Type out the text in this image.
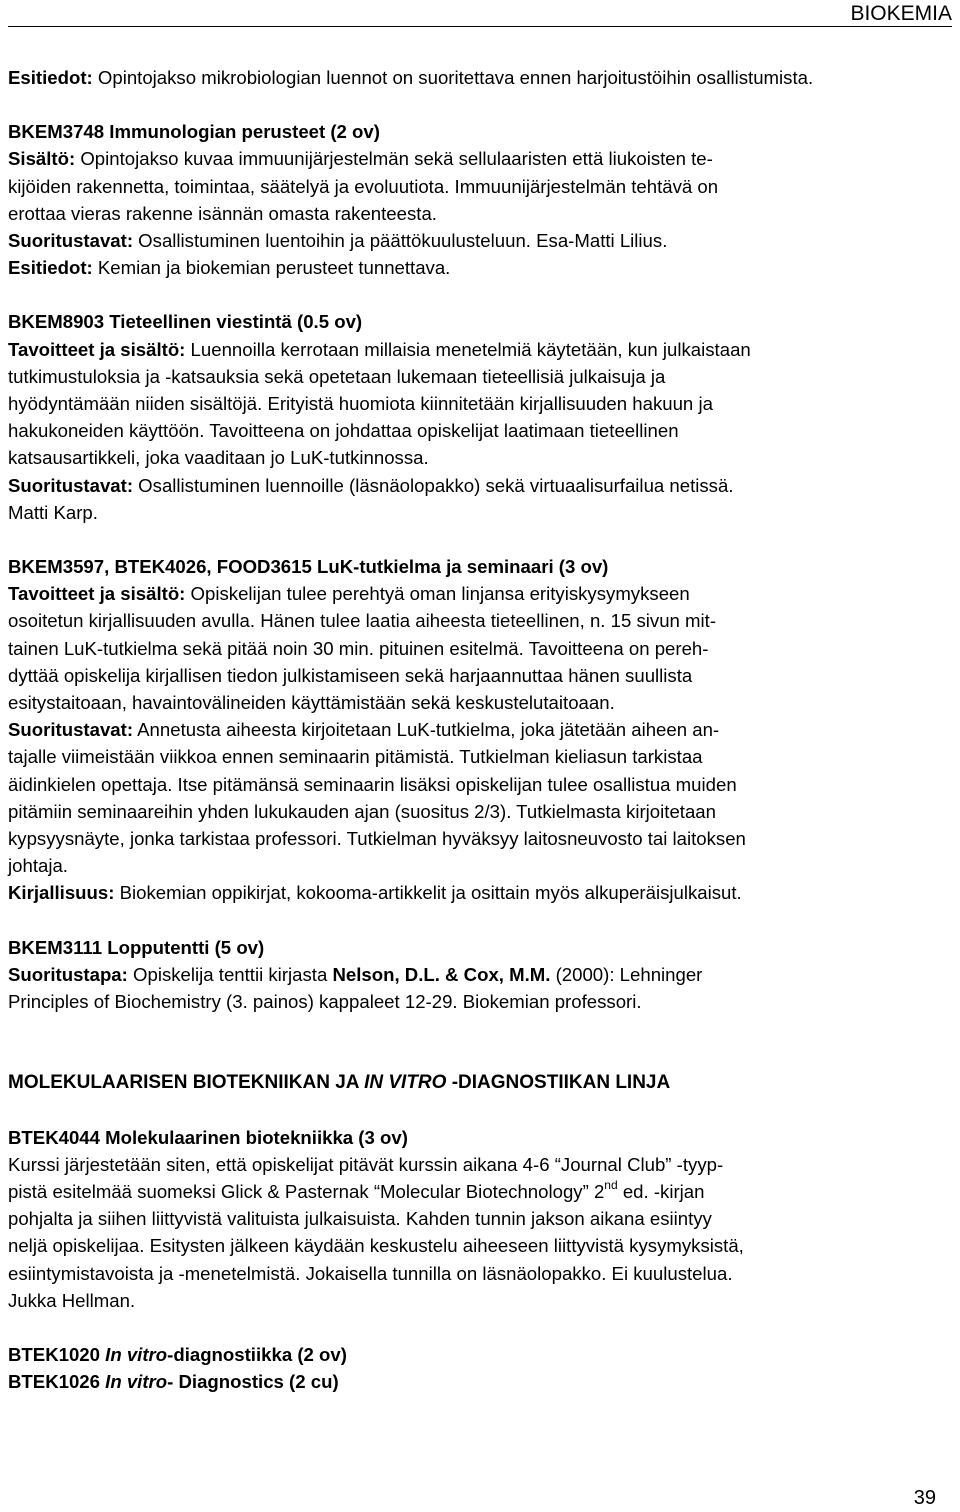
BIOKEMIA

Esitiedot: Opintojakso mikrobiologian luennot on suoritettava ennen harjoitustöihin osallistumista.

BKEM3748 Immunologian perusteet (2 ov)

Sisältö: Opintojakso kuvaa immuunijärjestelmän sekä sellulaaristen että liukoisten te-

kijöiden rakennetta, toimintaa, säätelyä ja evoluutiota. Immuunijärjestelmän tehtävä on

erottaa vieras rakenne isännän omasta rakenteesta.

Suoritustavat: Osallistuminen luentoihin ja päättökuulusteluun. Esa-Matti Lilius.

Esitiedot: Kemian ja biokemian perusteet tunnettava.

BKEM8903 Tieteellinen viestintä (0.5 ov)

Tavoitteet ja sisältö: Luennoilla kerrotaan millaisia menetelmiä käytetään, kun julkaistaan

tutkimustuloksia ja -katsauksia sekä opetetaan lukemaan tieteellisiä julkaisuja ja

hyödyntämään niiden sisältöjä. Erityistä huomiota kiinnitetään kirjallisuuden hakuun ja

hakukoneiden käyttöön. Tavoitteena on johdattaa opiskelijat laatimaan tieteellinen

katsausartikkeli, joka vaaditaan jo LuK-tutkinnossa.

Suoritustavat: Osallistuminen luennoille (läsnäolopakko) sekä virtuaalisurfailua netissä.

Matti Karp.

BKEM3597, BTEK4026, FOOD3615 LuK-tutkielma ja seminaari (3 ov)

Tavoitteet ja sisältö: Opiskelijan tulee perehtyä oman linjansa erityiskysymykseen

osoitetun kirjallisuuden avulla. Hänen tulee laatia aiheesta tieteellinen, n. 15 sivun mit-

tainen LuK-tutkielma sekä pitää noin 30 min. pituinen esitelmä. Tavoitteena on pereh-

dyttää opiskelija kirjallisen tiedon julkistamiseen sekä harjaannuttaa hänen suullista

esitystaitoaan, havaintovälineiden käyttämistään sekä keskustelutaitoaan.

Suoritustavat: Annetusta aiheesta kirjoitetaan LuK-tutkielma, joka jätetään aiheen an-

tajalle viimeistään viikkoa ennen seminaarin pitämistä. Tutkielman kieliasun tarkistaa

äidinkielen opettaja. Itse pitämänsä seminaarin lisäksi opiskelijan tulee osallistua muiden

pitämiin seminaareihin yhden lukukauden ajan (suositus 2/3). Tutkielmasta kirjoitetaan

kypsyysnäyte, jonka tarkistaa professori. Tutkielman hyväksyy laitosneuvosto tai laitoksen

johtaja.

Kirjallisuus: Biokemian oppikirjat, kokooma-artikkelit ja osittain myös alkuperäisjulkaisut.

BKEM3111 Lopputentti (5 ov)

Suoritustapa: Opiskelija tenttii kirjasta Nelson, D.L. & Cox, M.M. (2000): Lehninger

Principles of Biochemistry (3. painos) kappaleet 12-29. Biokemian professori.

MOLEKULAARISEN BIOTEKNIIKAN JA IN VITRO -DIAGNOSTIIKAN LINJA

BTEK4044 Molekulaarinen biotekniikka (3 ov)

Kurssi järjestetään siten, että opiskelijat pitävät kurssin aikana 4-6 “Journal Club” -tyyp-

pistä esitelmää suomeksi Glick & Pasternak “Molecular Biotechnology” 2nd ed. -kirjan

pohjalta ja siihen liittyvistä valituista julkaisuista. Kahden tunnin jakson aikana esiintyy

neljä opiskelijaa. Esitysten jälkeen käydään keskustelu aiheeseen liittyvistä kysymyksistä,

esiintymistavoista ja -menetelmistä. Jokaisella tunnilla on läsnäolopakko. Ei kuulustelua.

Jukka Hellman.

BTEK1020 In vitro-diagnostiikka (2 ov)

BTEK1026 In vitro- Diagnostics (2 cu)

39
